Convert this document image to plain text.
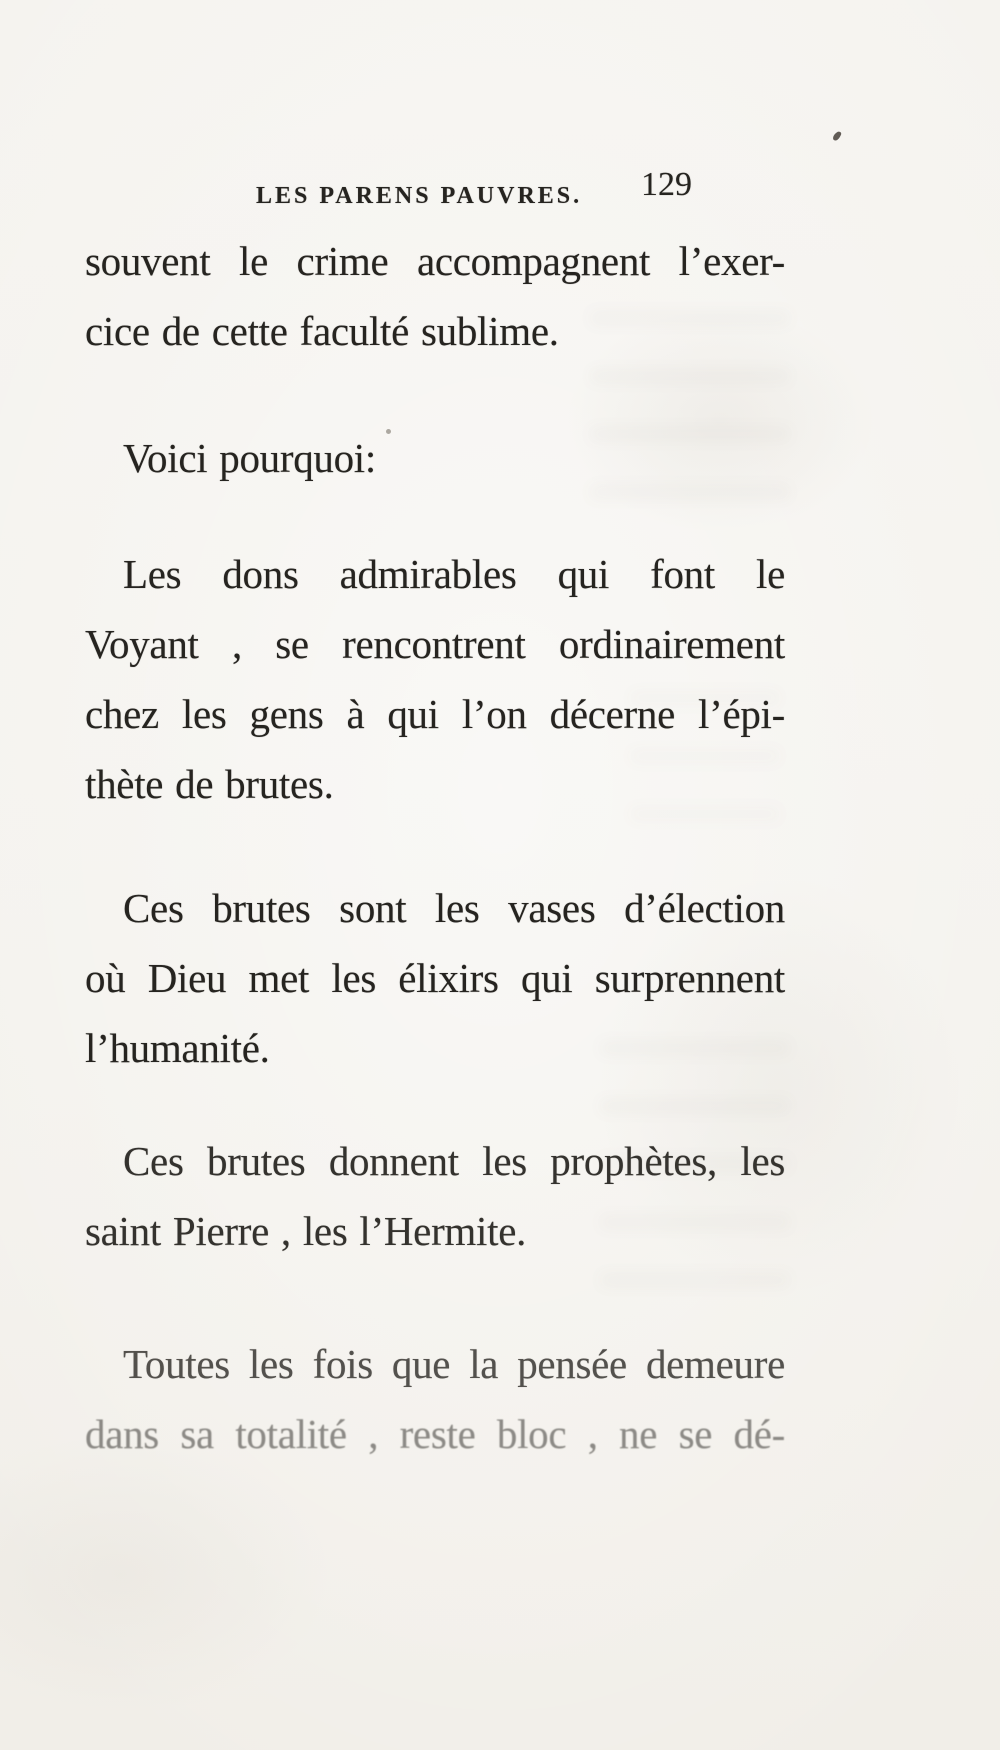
LES PARENS PAUVRES. 129
souvent le crime accompagnent l’exer-
cice de cette faculté sublime.
Voici pourquoi:
Les dons admirables qui font le
Voyant , se rencontrent ordinairement
chez les gens à qui l’on décerne l’épi-
thète de brutes.
Ces brutes sont les vases d’élection
où Dieu met les élixirs qui surprennent
l’humanité.
Ces brutes donnent les prophètes, les
saint Pierre , les l’Hermite.
Toutes les fois que la pensée demeure
dans sa totalité , reste bloc , ne se dé-
